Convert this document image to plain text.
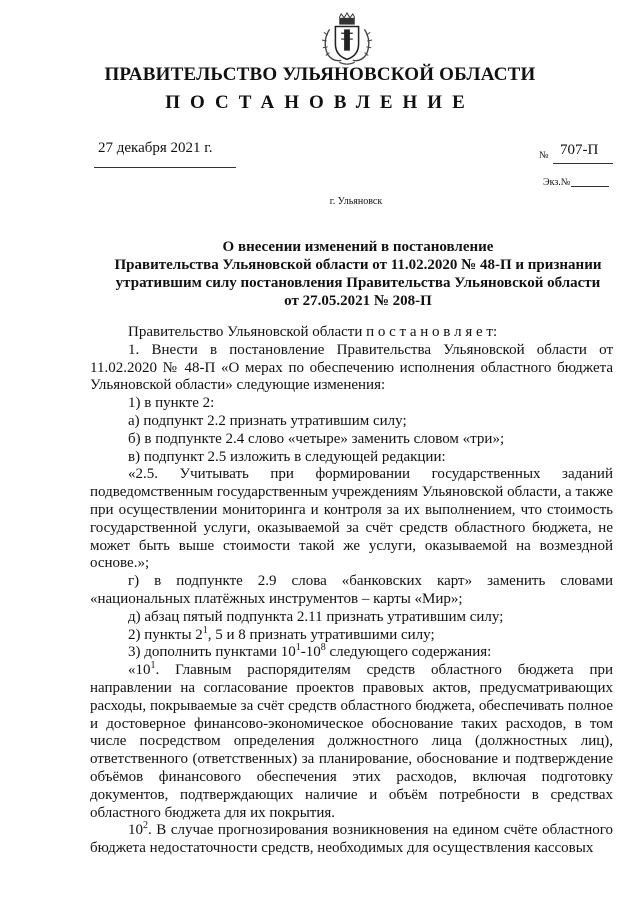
ПРАВИТЕЛЬСТВО УЛЬЯНОВСКОЙ ОБЛАСТИ
ПОСТАНОВЛЕНИЕ
27 декабря 2021 г.	№ 707-П
Экз.№
г. Ульяновск
О внесении изменений в постановление
Правительства Ульяновской области от 11.02.2020 № 48-П и признании
утратившим силу постановления Правительства Ульяновской области
от 27.05.2021 № 208-П

Правительство Ульяновской области п о с т а н о в л я е т:

1. Внести в постановление Правительства Ульяновской области от 11.02.2020 № 48-П «О мерах по обеспечению исполнения областного бюджета Ульяновской области» следующие изменения:

1) в пункте 2:

а) подпункт 2.2 признать утратившим силу;

б) в подпункте 2.4 слово «четыре» заменить словом «три»;

в) подпункт 2.5 изложить в следующей редакции:

«2.5. Учитывать при формировании государственных заданий подведомственным государственным учреждениям Ульяновской области, а также при осуществлении мониторинга и контроля за их выполнением, что стоимость государственной услуги, оказываемой за счёт средств областного бюджета, не может быть выше стоимости такой же услуги, оказываемой на возмездной основе.»;

г) в подпункте 2.9 слова «банковских карт» заменить словами «национальных платёжных инструментов – карты «Мир»;

д) абзац пятый подпункта 2.11 признать утратившим силу;

2) пункты $2^1$, 5 и 8 признать утратившими силу;

3) дополнить пунктами $10^1-10^8$ следующего содержания:

«$10^1$. Главным распорядителям средств областного бюджета при направлении на согласование проектов правовых актов, предусматривающих расходы, покрываемые за счёт средств областного бюджета, обеспечивать полное и достоверное финансово-экономическое обоснование таких расходов, в том числе посредством определения должностного лица (должностных лиц), ответственного (ответственных) за планирование, обоснование и подтверждение объёмов финансового обеспечения этих расходов, включая подготовку документов, подтверждающих наличие и объём потребности в средствах областного бюджета для их покрытия.

$10^2$. В случае прогнозирования возникновения на едином счёте областного бюджета недостаточности средств, необходимых для осуществления кассовых
